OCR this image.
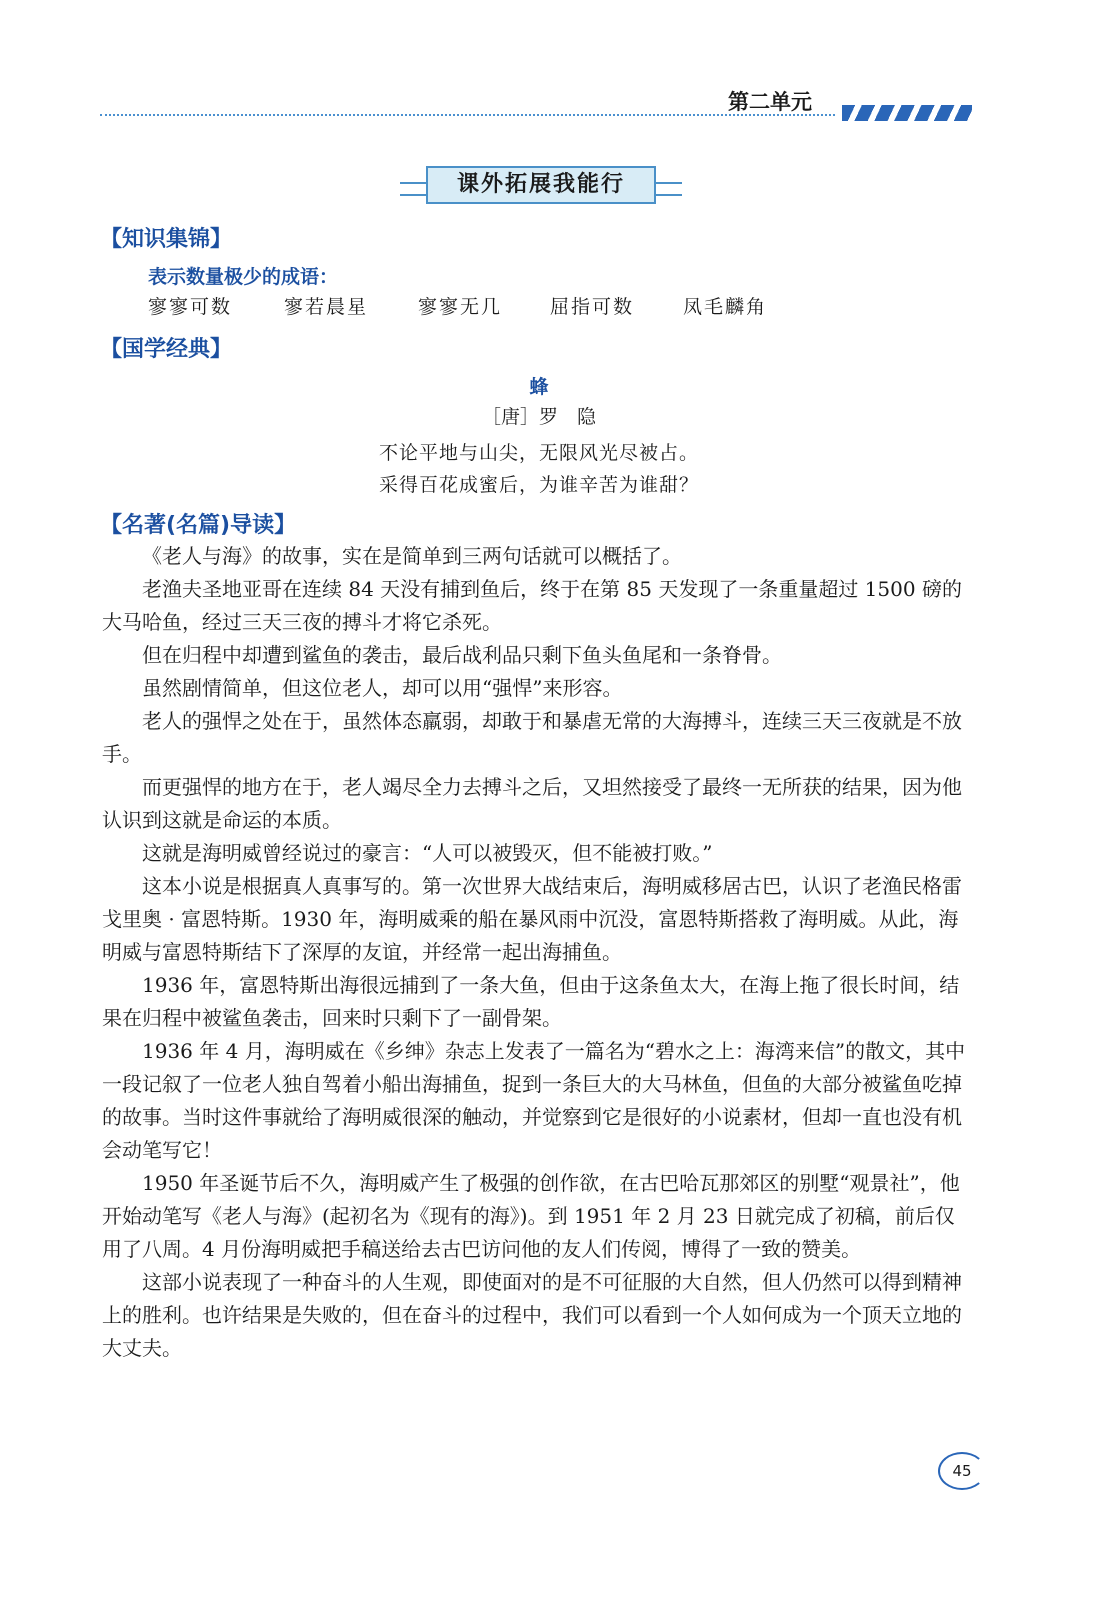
第二单元
课外拓展我能行
【知识集锦】
表示数量极少的成语：
寥寥可数	寥若晨星	寥寥无几	屈指可数	凤毛麟角
【国学经典】
蜂
［唐］罗　隐
不论平地与山尖，无限风光尽被占。
采得百花成蜜后，为谁辛苦为谁甜？
【名著(名篇)导读】

《老人与海》的故事，实在是简单到三两句话就可以概括了。

老渔夫圣地亚哥在连续 84 天没有捕到鱼后，终于在第 85 天发现了一条重量超过 1500 磅的大马哈鱼，经过三天三夜的搏斗才将它杀死。

但在归程中却遭到鲨鱼的袭击，最后战利品只剩下鱼头鱼尾和一条脊骨。

虽然剧情简单，但这位老人，却可以用“强悍”来形容。

老人的强悍之处在于，虽然体态羸弱，却敢于和暴虐无常的大海搏斗，连续三天三夜就是不放手。

而更强悍的地方在于，老人竭尽全力去搏斗之后，又坦然接受了最终一无所获的结果，因为他认识到这就是命运的本质。

这就是海明威曾经说过的豪言：“人可以被毁灭，但不能被打败。”

这本小说是根据真人真事写的。第一次世界大战结束后，海明威移居古巴，认识了老渔民格雷戈里奥 · 富恩特斯。1930 年，海明威乘的船在暴风雨中沉没，富恩特斯搭救了海明威。从此，海明威与富恩特斯结下了深厚的友谊，并经常一起出海捕鱼。

1936 年，富恩特斯出海很远捕到了一条大鱼，但由于这条鱼太大，在海上拖了很长时间，结果在归程中被鲨鱼袭击，回来时只剩下了一副骨架。

1936 年 4 月，海明威在《乡绅》杂志上发表了一篇名为“碧水之上：海湾来信”的散文，其中一段记叙了一位老人独自驾着小船出海捕鱼，捉到一条巨大的大马林鱼，但鱼的大部分被鲨鱼吃掉的故事。当时这件事就给了海明威很深的触动，并觉察到它是很好的小说素材，但却一直也没有机会动笔写它！

1950 年圣诞节后不久，海明威产生了极强的创作欲，在古巴哈瓦那郊区的别墅“观景社”，他开始动笔写《老人与海》(起初名为《现有的海》)。到 1951 年 2 月 23 日就完成了初稿，前后仅用了八周。4 月份海明威把手稿送给去古巴访问他的友人们传阅，博得了一致的赞美。

这部小说表现了一种奋斗的人生观，即使面对的是不可征服的大自然，但人仍然可以得到精神上的胜利。也许结果是失败的，但在奋斗的过程中，我们可以看到一个人如何成为一个顶天立地的大丈夫。

45
